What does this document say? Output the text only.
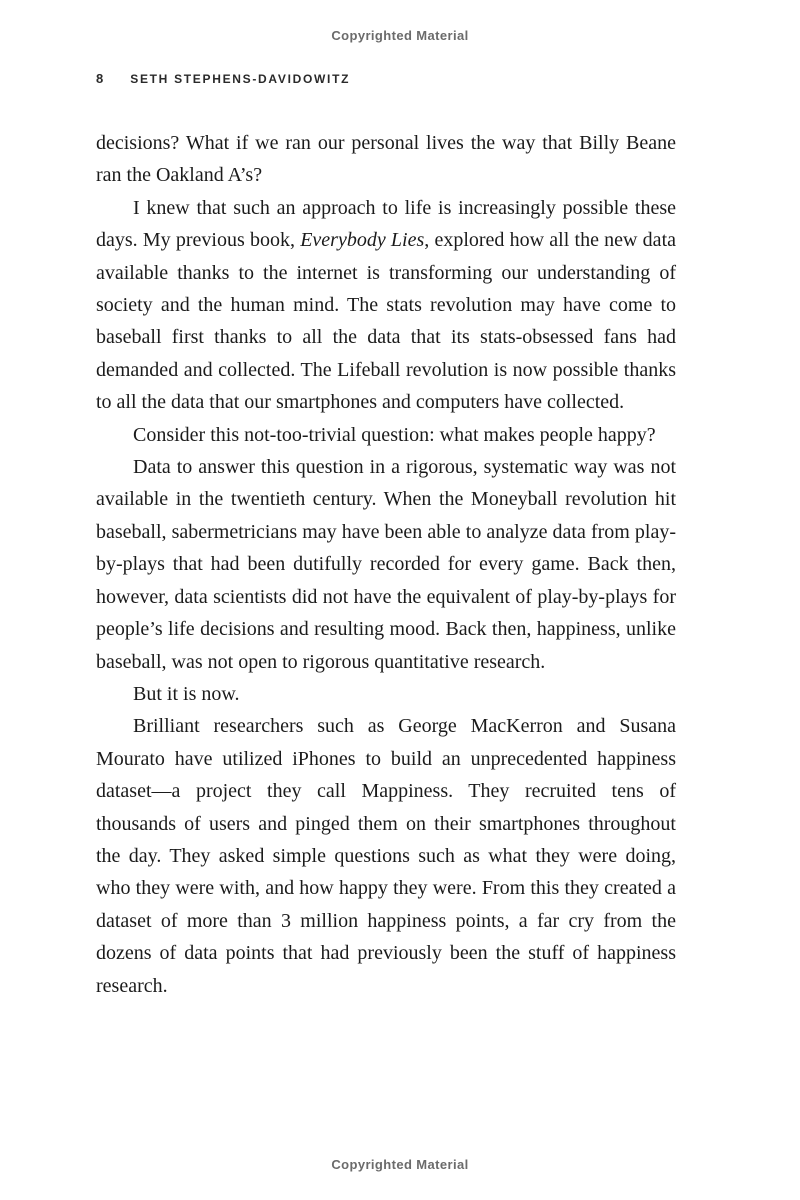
Copyrighted Material
8 SETH STEPHENS-DAVIDOWITZ

decisions? What if we ran our personal lives the way that Billy Beane ran the Oakland A’s?

I knew that such an approach to life is increasingly possible these days. My previous book, Everybody Lies, explored how all the new data available thanks to the internet is transforming our understanding of society and the human mind. The stats revolution may have come to baseball first thanks to all the data that its stats-obsessed fans had demanded and collected. The Lifeball revolution is now possible thanks to all the data that our smartphones and computers have collected.

Consider this not-too-trivial question: what makes people happy?

Data to answer this question in a rigorous, systematic way was not available in the twentieth century. When the Moneyball revolution hit baseball, sabermetricians may have been able to analyze data from play-by-plays that had been dutifully recorded for every game. Back then, however, data scientists did not have the equivalent of play-by-plays for people’s life decisions and resulting mood. Back then, happiness, unlike baseball, was not open to rigorous quantitative research.

But it is now.

Brilliant researchers such as George MacKerron and Susana Mourato have utilized iPhones to build an unprecedented happiness dataset—a project they call Mappiness. They recruited tens of thousands of users and pinged them on their smartphones throughout the day. They asked simple questions such as what they were doing, who they were with, and how happy they were. From this they created a dataset of more than 3 million happiness points, a far cry from the dozens of data points that had previously been the stuff of happiness research.

Copyrighted Material
